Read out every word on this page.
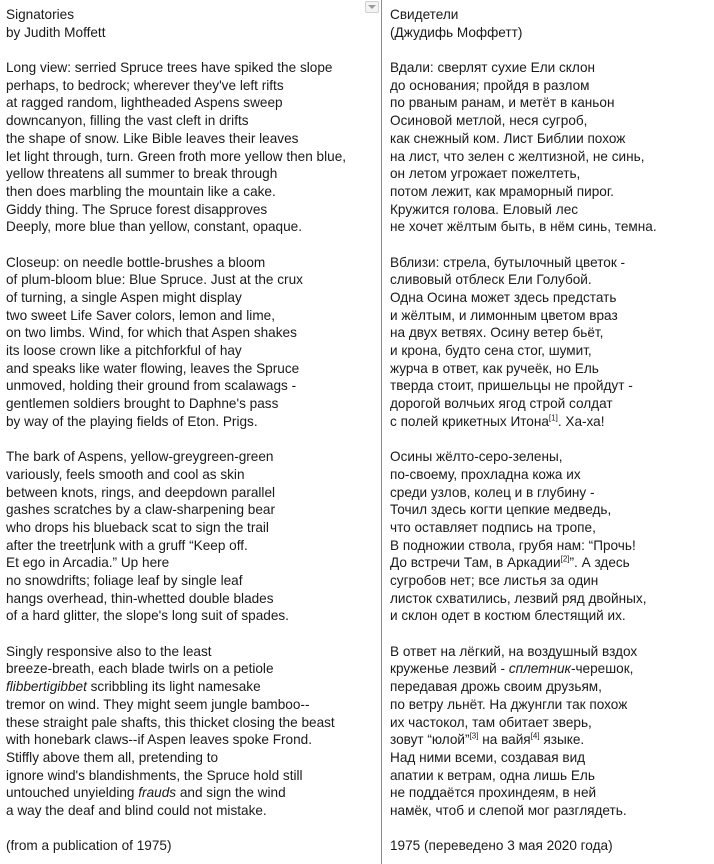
Signatories
by Judith Moffett
Long view: serried Spruce trees have spiked the slope
perhaps, to bedrock; wherever they've left rifts
at ragged random, lightheaded Aspens sweep
downcanyon, filling the vast cleft in drifts
the shape of snow. Like Bible leaves their leaves
let light through, turn. Green froth more yellow then blue,
yellow threatens all summer to break through
then does marbling the mountain like a cake.
Giddy thing. The Spruce forest disapproves
Deeply, more blue than yellow, constant, opaque.
Closeup: on needle bottle-brushes a bloom
of plum-bloom blue: Blue Spruce. Just at the crux
of turning, a single Aspen might display
two sweet Life Saver colors, lemon and lime,
on two limbs. Wind, for which that Aspen shakes
its loose crown like a pitchforkful of hay
and speaks like water flowing, leaves the Spruce
unmoved, holding their ground from scalawags -
gentlemen soldiers brought to Daphne's pass
by way of the playing fields of Eton. Prigs.
The bark of Aspens, yellow-greygreen-green
variously, feels smooth and cool as skin
between knots, rings, and deepdown parallel
gashes scratches by a claw-sharpening bear
who drops his blueback scat to sign the trail
after the treetr unk with a gruff “Keep off.
Et ego in Arcadia.” Up here
no snowdrifts; foliage leaf by single leaf
hangs overhead, thin-whetted double blades
of a hard glitter, the slope's long suit of spades.
Singly responsive also to the least
breeze-breath, each blade twirls on a petiole
flibbertigibbet scribbling its light namesake
tremor on wind. They might seem jungle bamboo--
these straight pale shafts, this thicket closing the beast
with honebark claws--if Aspen leaves spoke Frond.
Stiffly above them all, pretending to
ignore wind's blandishments, the Spruce hold still
untouched unyielding frauds and sign the wind
a way the deaf and blind could not mistake.
(from a publication of 1975)
Свидетели
(Джудифь Моффетт)
Вдали: сверлят сухие Ели склон
до основания; пройдя в разлом
по рваным ранам, и метёт в каньон
Осиновой метлой, неся сугроб,
как снежный ком. Лист Библии похож
на лист, что зелен с желтизной, не синь,
он летом угрожает пожелтеть,
потом лежит, как мраморный пирог.
Кружится голова. Еловый лес
не хочет жёлтым быть, в нём синь, темна.
Вблизи: стрела, бутылочный цветок -
сливовый отблеск Ели Голубой.
Одна Осина может здесь предстать
и жёлтым, и лимонным цветом враз
на двух ветвях. Осину ветер бьёт,
и крона, будто сена стог, шумит,
журча в ответ, как ручеёк, но Ель
тверда стоит, пришельцы не пройдут -
дорогой волчьих ягод строй солдат
с полей крикетных Итона[1]. Ха-ха!
Осины жёлто-серо-зелены,
по-своему, прохладна кожа их
среди узлов, колец и в глубину -
Точил здесь когти цепкие медведь,
что оставляет подпись на тропе,
В подножии ствола, грубя нам: “Прочь!
До встречи Там, в Аркадии[2]”. А здесь
сугробов нет; все листья за один
листок схватились, лезвий ряд двойных,
и склон одет в костюм блестящий их.
В ответ на лёгкий, на воздушный вздох
круженье лезвий - сплетник-черешок,
передавая дрожь своим друзьям,
по ветру льнёт. На джунгли так похож
их частокол, там обитает зверь,
зовут “юлой”[3] на вайя[4] языке.
Над ними всеми, создавая вид
апатии к ветрам, одна лишь Ель
не поддаётся прохиндеям, в ней
намёк, чтоб и слепой мог разглядеть.
1975 (переведено 3 мая 2020 года)
